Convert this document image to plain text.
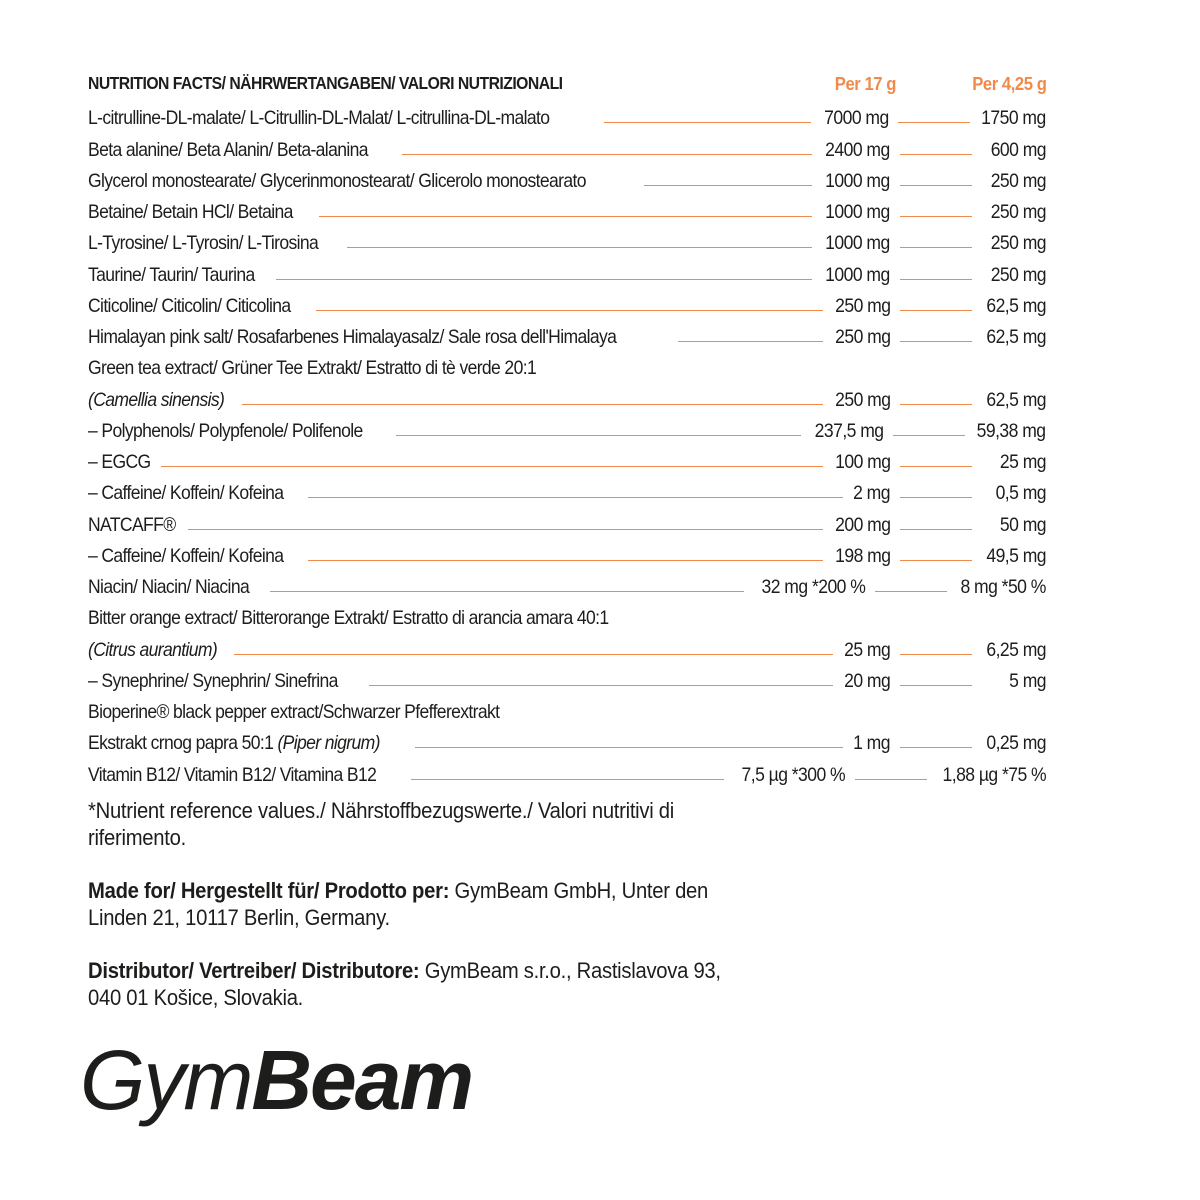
NUTRITION FACTS/ NÄHRWERTANGABEN/ VALORI NUTRIZIONALI	Per 17 g	Per 4,25 g
L-citrulline-DL-malate/ L-Citrullin-DL-Malat/ L-citrullina-DL-malato	7000 mg	1750 mg
Beta alanine/ Beta Alanin/ Beta-alanina	2400 mg	600 mg
Glycerol monostearate/ Glycerinmonostearat/ Glicerolo monostearato	1000 mg	250 mg
Betaine/ Betain HCl/ Betaina	1000 mg	250 mg
L-Tyrosine/ L-Tyrosin/ L-Tirosina	1000 mg	250 mg
Taurine/ Taurin/ Taurina	1000 mg	250 mg
Citicoline/ Citicolin/ Citicolina	250 mg	62,5 mg
Himalayan pink salt/ Rosafarbenes Himalayasalz/ Sale rosa dell'Himalaya	250 mg	62,5 mg
Green tea extract/ Grüner Tee Extrakt/ Estratto di tè verde 20:1
(Camellia sinensis)	250 mg	62,5 mg
– Polyphenols/ Polypfenole/ Polifenole	237,5 mg	59,38 mg
– EGCG	100 mg	25 mg
– Caffeine/ Koffein/ Kofeina	2 mg	0,5 mg
NATCAFF®	200 mg	50 mg
– Caffeine/ Koffein/ Kofeina	198 mg	49,5 mg
Niacin/ Niacin/ Niacina	32 mg *200 %	8 mg *50 %
Bitter orange extract/ Bitterorange Extrakt/ Estratto di arancia amara 40:1
(Citrus aurantium)	25 mg	6,25 mg
– Synephrine/ Synephrin/ Sinefrina	20 mg	5 mg
Bioperine® black pepper extract/Schwarzer Pfefferextrakt
Ekstrakt crnog papra 50:1 (Piper nigrum)	1 mg	0,25 mg
Vitamin B12/ Vitamin B12/ Vitamina B12	7,5 µg *300 %	1,88 µg *75 %

*Nutrient reference values./ Nährstoffbezugswerte./ Valori nutritivi di riferimento.

Made for/ Hergestellt für/ Prodotto per: GymBeam GmbH, Unter den Linden 21, 10117 Berlin, Germany.

Distributor/ Vertreiber/ Distributore: GymBeam s.r.o., Rastislavova 93, 040 01 Košice, Slovakia.

GymBeam
